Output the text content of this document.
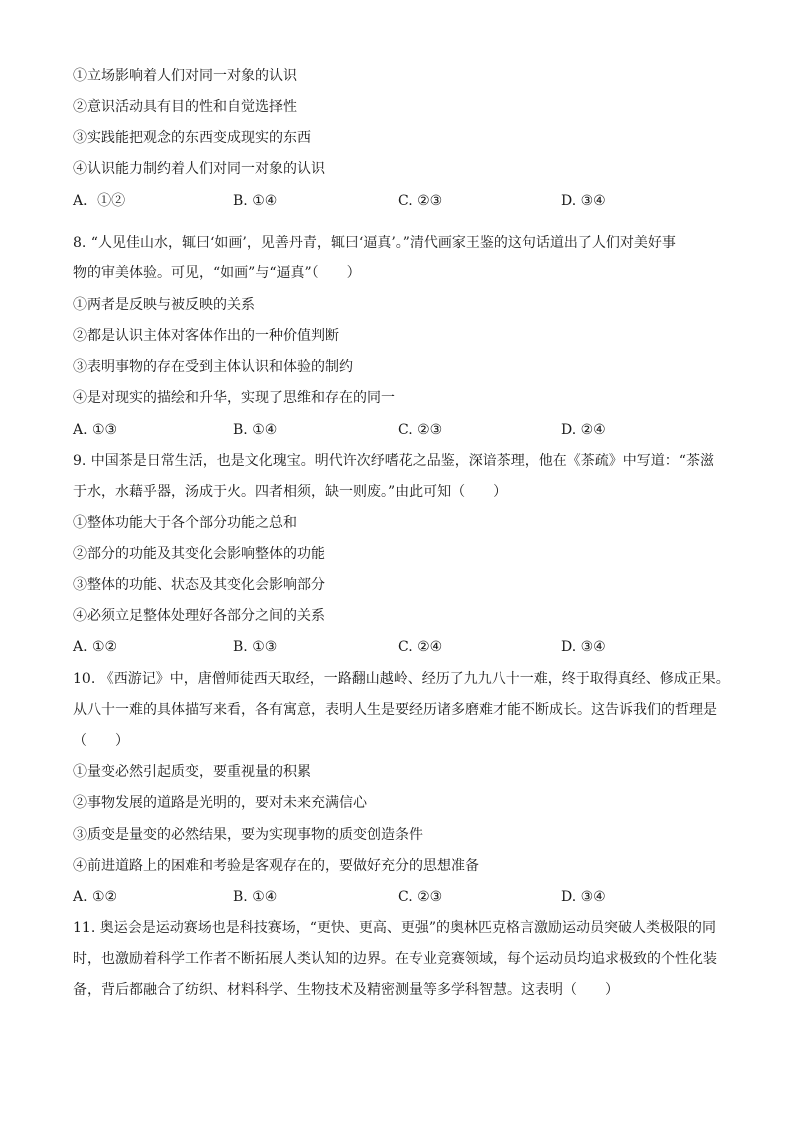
①立场影响着人们对同一对象的认识
②意识活动具有目的性和自觉选择性
③实践能把观念的东西变成现实的东西
④认识能力制约着人们对同一对象的认识
A．①②	B. ①④	C. ②③	D. ③④
8. “人见佳山水，辄曰‘如画’，见善丹青，辄曰‘逼真’。”清代画家王鉴的这句话道出了人们对美好事
物的审美体验。可见，“如画”与“逼真”（　　）
①两者是反映与被反映的关系
②都是认识主体对客体作出的一种价值判断
③表明事物的存在受到主体认识和体验的制约
④是对现实的描绘和升华，实现了思维和存在的同一
A. ①③	B. ①④	C. ②③	D. ②④
9. 中国茶是日常生活，也是文化瑰宝。明代许次纾嗜花之品鉴，深谙茶理，他在《茶疏》中写道：“茶滋
于水，水藉乎器，汤成于火。四者相须，缺一则废。”由此可知（　　）
①整体功能大于各个部分功能之总和
②部分的功能及其变化会影响整体的功能
③整体的功能、状态及其变化会影响部分
④必须立足整体处理好各部分之间的关系
A. ①②	B. ①③	C. ②④	D. ③④
10. 《西游记》中，唐僧师徒西天取经，一路翻山越岭、经历了九九八十一难，终于取得真经、修成正果。
从八十一难的具体描写来看，各有寓意，表明人生是要经历诸多磨难才能不断成长。这告诉我们的哲理是
（　　）
①量变必然引起质变，要重视量的积累
②事物发展的道路是光明的，要对未来充满信心
③质变是量变的必然结果，要为实现事物的质变创造条件
④前进道路上的困难和考验是客观存在的，要做好充分的思想准备
A. ①②	B. ①④	C. ②③	D. ③④
11. 奥运会是运动赛场也是科技赛场，“更快、更高、更强”的奥林匹克格言激励运动员突破人类极限的同
时，也激励着科学工作者不断拓展人类认知的边界。在专业竞赛领域，每个运动员均追求极致的个性化装
备，背后都融合了纺织、材料科学、生物技术及精密测量等多学科智慧。这表明（　　）
